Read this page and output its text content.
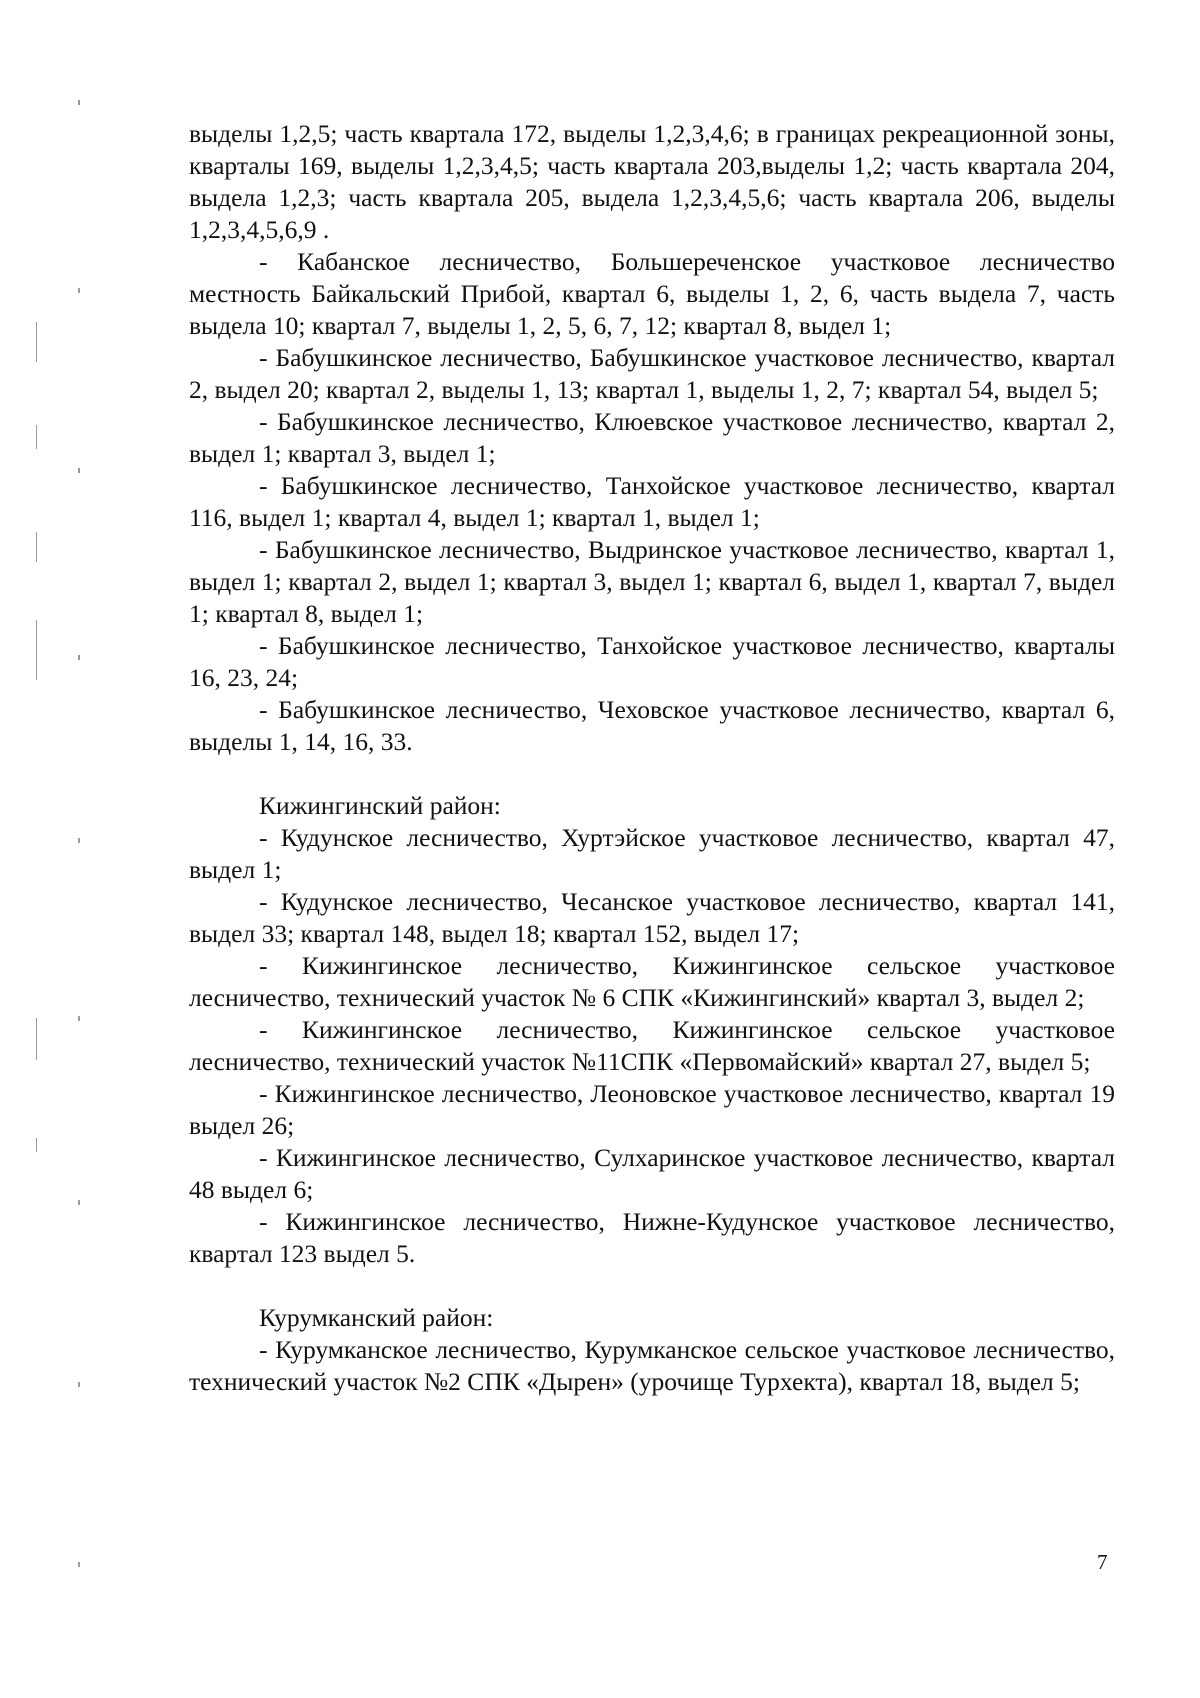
выделы 1,2,5; часть квартала 172, выделы 1,2,3,4,6; в границах рекреационной зоны, кварталы 169, выделы 1,2,3,4,5; часть квартала 203,выделы 1,2; часть квартала 204, выдела 1,2,3; часть квартала 205, выдела 1,2,3,4,5,6; часть квартала 206, выделы 1,2,3,4,5,6,9 .

- Кабанское лесничество, Большереченское участковое лесничество местность Байкальский Прибой, квартал 6, выделы 1, 2, 6, часть выдела 7, часть выдела 10; квартал 7, выделы 1, 2, 5, 6, 7, 12; квартал 8, выдел 1;

- Бабушкинское лесничество, Бабушкинское участковое лесничество, квартал 2, выдел 20; квартал 2, выделы 1, 13; квартал 1, выделы 1, 2, 7; квартал 54, выдел 5;

- Бабушкинское лесничество, Клюевское участковое лесничество, квартал 2, выдел 1; квартал 3, выдел 1;

- Бабушкинское лесничество, Танхойское участковое лесничество, квартал 116, выдел 1; квартал 4, выдел 1; квартал 1, выдел 1;

- Бабушкинское лесничество, Выдринское участковое лесничество, квартал 1, выдел 1; квартал 2, выдел 1; квартал 3, выдел 1; квартал 6, выдел 1, квартал 7, выдел 1; квартал 8, выдел 1;

- Бабушкинское лесничество, Танхойское участковое лесничество, кварталы 16, 23, 24;

- Бабушкинское лесничество, Чеховское участковое лесничество, квартал 6, выделы 1, 14, 16, 33.

Кижингинский район:

- Кудунское лесничество, Хуртэйское участковое лесничество, квартал 47, выдел 1;

- Кудунское лесничество, Чесанское участковое лесничество, квартал 141, выдел 33; квартал 148, выдел 18; квартал 152, выдел 17;

- Кижингинское лесничество, Кижингинское сельское участковое лесничество, технический участок № 6 СПК «Кижингинский» квартал 3, выдел 2;

- Кижингинское лесничество, Кижингинское сельское участковое лесничество, технический участок №11СПК «Первомайский» квартал 27, выдел 5;

- Кижингинское лесничество, Леоновское участковое лесничество, квартал 19 выдел 26;

- Кижингинское лесничество, Сулхаринское участковое лесничество, квартал 48 выдел 6;

- Кижингинское лесничество, Нижне-Кудунское участковое лесничество, квартал 123 выдел 5.

Курумканский район:

- Курумканское лесничество, Курумканское сельское участковое лесничество, технический участок №2 СПК «Дырен» (урочище Турхекта), квартал 18, выдел 5;

7
